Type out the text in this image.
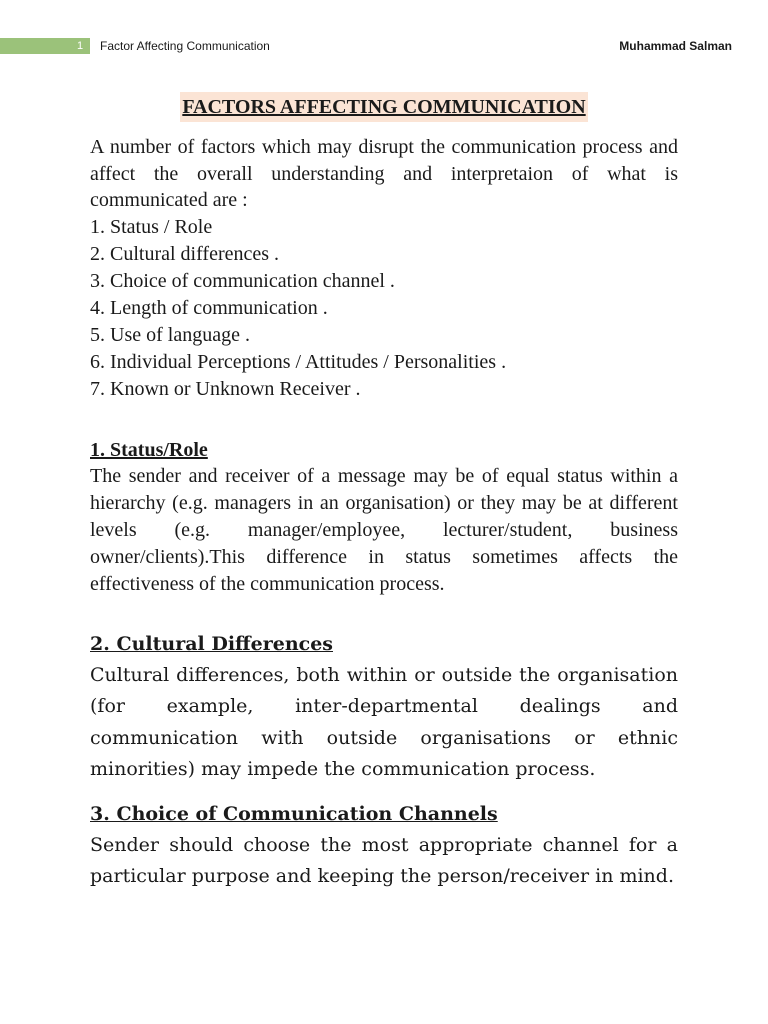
1	Factor Affecting Communication	Muhammad Salman
FACTORS AFFECTING COMMUNICATION

A number of factors which may disrupt the communication process and affect the overall understanding and interpretaion of what is communicated are :

1. Status / Role
2. Cultural differences .
3. Choice of communication channel .
4. Length of communication .
5. Use of language .
6. Individual Perceptions / Attitudes / Personalities .
7. Known or Unknown Receiver .
1. Status/Role

The sender and receiver of a message may be of equal status within a hierarchy (e.g. managers in an organisation) or they may be at different levels (e.g. manager/employee, lecturer/student, business owner/clients).This difference in status sometimes affects the effectiveness of the communication process.

2. Cultural Differences

Cultural differences, both within or outside the organisation (for example, inter-departmental dealings and communication with outside organisations or ethnic minorities) may impede the communication process.

3. Choice of Communication Channels

Sender should choose the most appropriate channel for a particular purpose and keeping the person/receiver in mind.
